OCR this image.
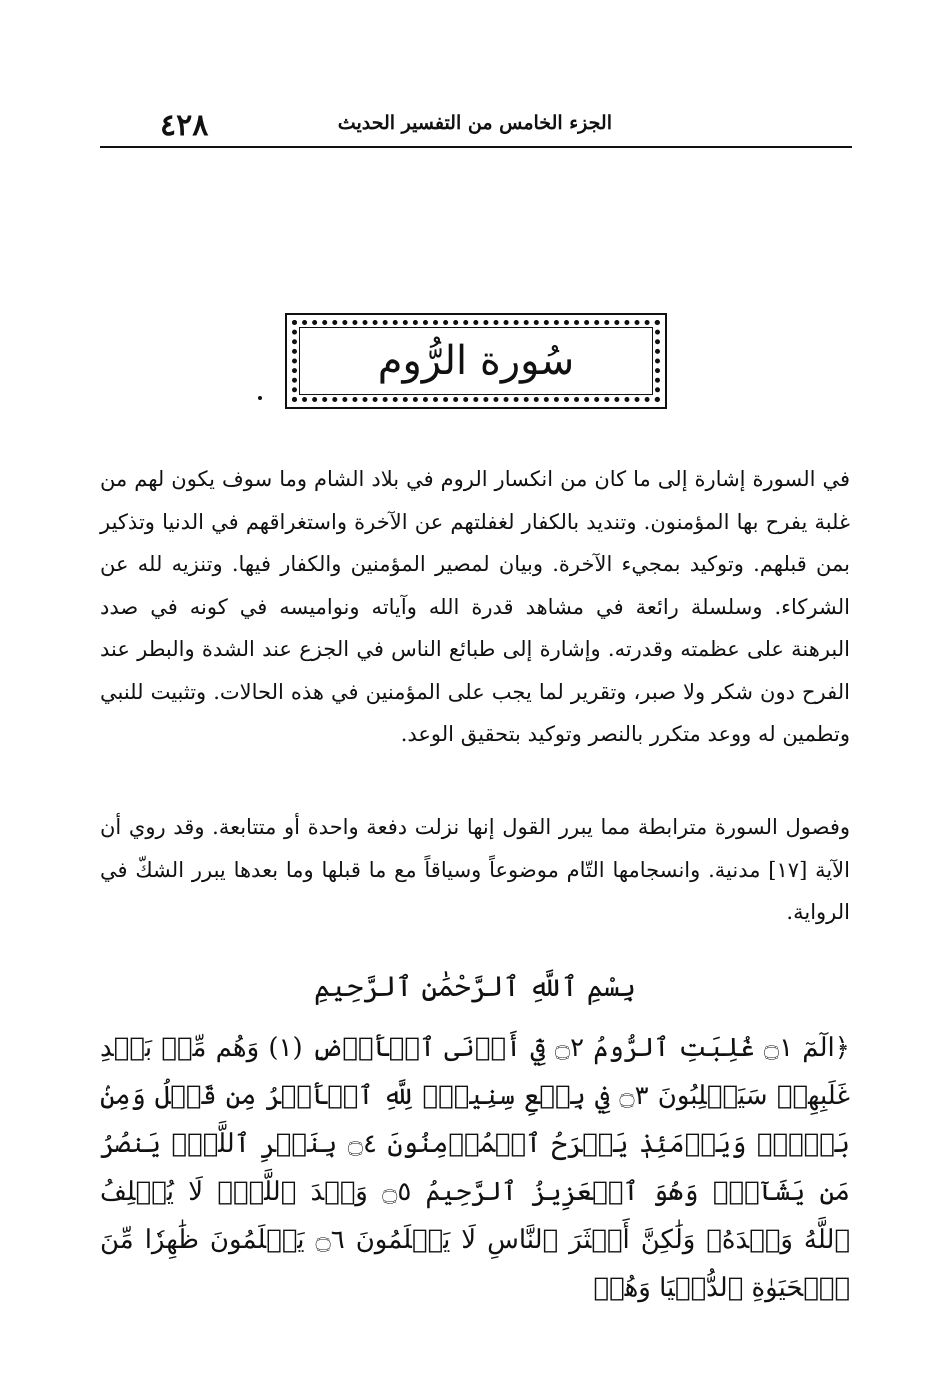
٤٢٨	الجزء الخامس من التفسير الحديث
سُورة الرُّوم

في السورة إشارة إلى ما كان من انكسار الروم في بلاد الشام وما سوف يكون لهم من غلبة يفرح بها المؤمنون. وتنديد بالكفار لغفلتهم عن الآخرة واستغراقهم في الدنيا وتذكير بمن قبلهم. وتوكيد بمجيء الآخرة. وبيان لمصير المؤمنين والكفار فيها. وتنزيه لله عن الشركاء. وسلسلة رائعة في مشاهد قدرة الله وآياته ونواميسه في كونه في صدد البرهنة على عظمته وقدرته. وإشارة إلى طبائع الناس في الجزع عند الشدة والبطر عند الفرح دون شكر ولا صبر، وتقرير لما يجب على المؤمنين في هذه الحالات. وتثبيت للنبي وتطمين له ووعد متكرر بالنصر وتوكيد بتحقيق الوعد.

وفصول السورة مترابطة مما يبرر القول إنها نزلت دفعة واحدة أو متتابعة. وقد روي أن الآية [١٧] مدنية. وانسجامها التّام موضوعاً وسياقاً مع ما قبلها وما بعدها يبرر الشكّ في الرواية.

بِسْمِ ٱللَّهِ ٱلرَّحْمَٰنِ ٱلرَّحِيمِ

﴿الٓمٓ ۝١ غُلِبَتِ ٱلرُّومُ ۝٢ فِيٓ أَدۡنَى ٱلۡأَرۡضِ (١) وَهُم مِّنۢ بَعۡدِ غَلَبِهِمۡ سَيَغۡلِبُونَ ۝٣ فِي بِضۡعِ سِنِينَۗ لِلَّهِ ٱلۡأَمۡرُ مِن قَبۡلُ وَمِنۢ بَعۡدُۚ وَيَوۡمَئِذٖ يَفۡرَحُ ٱلۡمُؤۡمِنُونَ ۝٤ بِنَصۡرِ ٱللَّهِۚ يَنصُرُ مَن يَشَآءُۖ وَهُوَ ٱلۡعَزِيزُ ٱلرَّحِيمُ ۝٥ وَعۡدَ ٱللَّهِۖ لَا يُخۡلِفُ ٱللَّهُ وَعۡدَهُۥ وَلَٰكِنَّ أَكۡثَرَ ٱلنَّاسِ لَا يَعۡلَمُونَ ۝٦ يَعۡلَمُونَ ظَٰهِرٗا مِّنَ ٱلۡحَيَوٰةِ ٱلدُّنۡيَا وَهُمۡ
